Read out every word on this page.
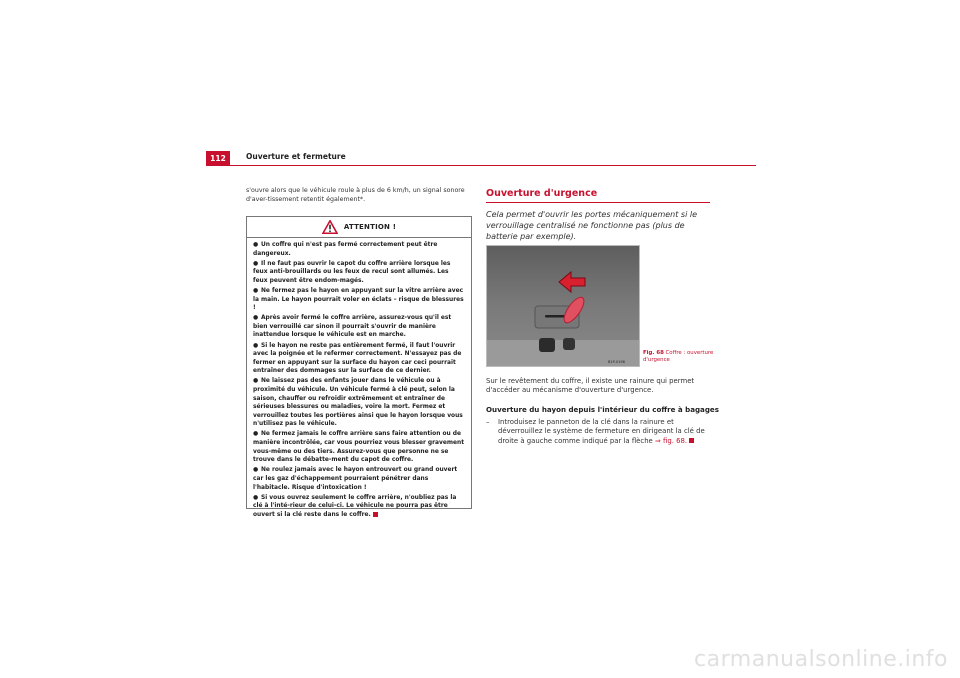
112	Ouverture et fermeture

s'ouvre alors que le véhicule roule à plus de 6 km/h, un signal sonore d'aver-tissement retentit également*.

ATTENTION !
● Un coffre qui n'est pas fermé correctement peut être dangereux.
● Il ne faut pas ouvrir le capot du coffre arrière lorsque les feux anti-brouillards ou les feux de recul sont allumés. Les feux peuvent être endom-magés.
● Ne fermez pas le hayon en appuyant sur la vitre arrière avec la main. Le hayon pourrait voler en éclats – risque de blessures !
● Après avoir fermé le coffre arrière, assurez-vous qu'il est bien verrouillé car sinon il pourrait s'ouvrir de manière inattendue lorsque le véhicule est en marche.
● Si le hayon ne reste pas entièrement fermé, il faut l'ouvrir avec la poignée et le refermer correctement. N'essayez pas de fermer en appuyant sur la surface du hayon car ceci pourrait entraîner des dommages sur la surface de ce dernier.
● Ne laissez pas des enfants jouer dans le véhicule ou à proximité du véhicule. Un véhicule fermé à clé peut, selon la saison, chauffer ou refroidir extrêmement et entraîner de sérieuses blessures ou maladies, voire la mort. Fermez et verrouillez toutes les portières ainsi que le hayon lorsque vous n'utilisez pas le véhicule.
● Ne fermez jamais le coffre arrière sans faire attention ou de manière incontrôlée, car vous pourriez vous blesser gravement vous-même ou des tiers. Assurez-vous que personne ne se trouve dans le débatte-ment du capot de coffre.
● Ne roulez jamais avec le hayon entrouvert ou grand ouvert car les gaz d'échappement pourraient pénétrer dans l'habitacle. Risque d'intoxication !
● Si vous ouvrez seulement le coffre arrière, n'oubliez pas la clé à l'inté-rieur de celui-ci. Le véhicule ne pourra pas être ouvert si la clé reste dans le coffre.

Ouverture d'urgence

Cela permet d'ouvrir les portes mécaniquement si le verrouillage centralisé ne fonctionne pas (plus de batterie par exemple).

B1P-0198
Fig. 68 Coffre : ouverture d'urgence

Sur le revêtement du coffre, il existe une rainure qui permet d'accéder au mécanisme d'ouverture d'urgence.

Ouverture du hayon depuis l'intérieur du coffre à bagages

– Introduisez le panneton de la clé dans la rainure et déverrouillez le système de fermeture en dirigeant la clé de droite à gauche comme indiqué par la flèche ⇒ fig. 68.
carmanualsonline.info
